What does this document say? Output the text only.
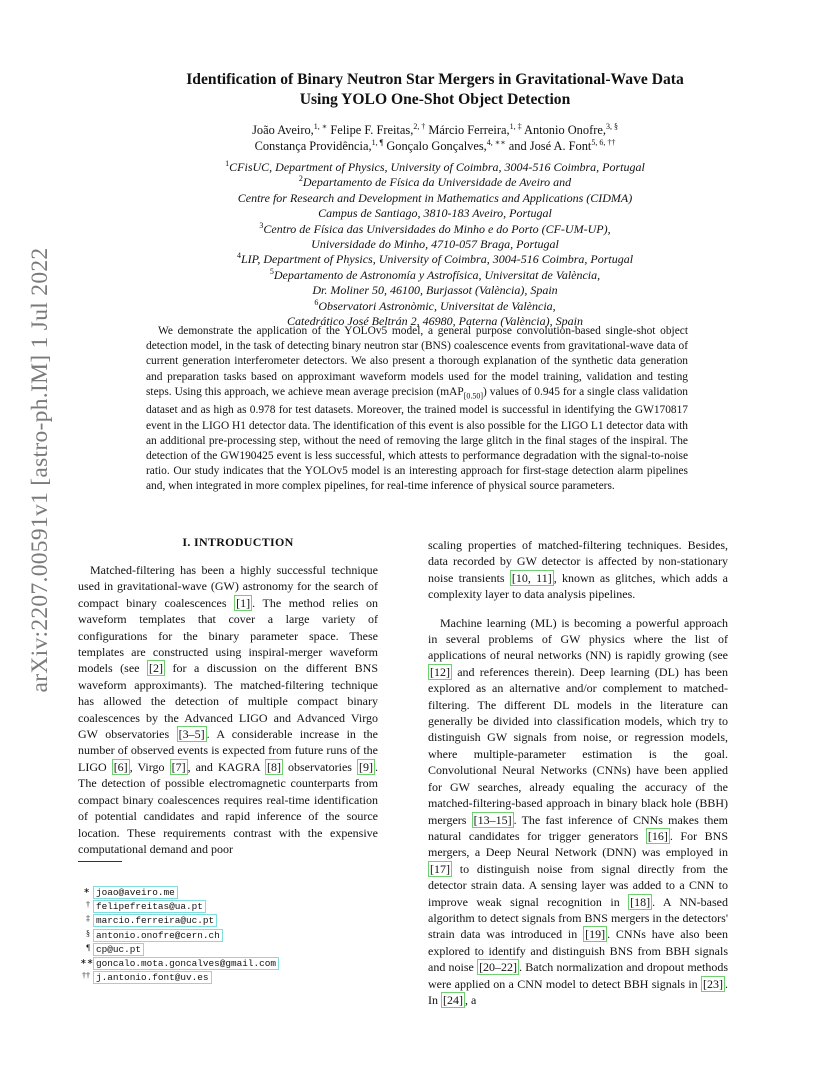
arXiv:2207.00591v1 [astro-ph.IM] 1 Jul 2022
Identification of Binary Neutron Star Mergers in Gravitational-Wave Data
Using YOLO One-Shot Object Detection
João Aveiro,$^{1, ∗}$ Felipe F. Freitas,$^{2, \dagger}$ Márcio Ferreira,$^{1, \ddagger}$ Antonio Onofre,$^{3, \S}$
Constança Providência,$^{1, \P}$ Gonçalo Gonçalves,$^{4, ∗∗}$ and José A. Font$^{5, 6, \dagger\dagger}$
$^1$CFisUC, Department of Physics, University of Coimbra, 3004-516 Coimbra, Portugal
$^2$Departamento de Física da Universidade de Aveiro and
Centre for Research and Development in Mathematics and Applications (CIDMA)
Campus de Santiago, 3810-183 Aveiro, Portugal
$^3$Centro de Física das Universidades do Minho e do Porto (CF-UM-UP),
Universidade do Minho, 4710-057 Braga, Portugal
$^4$LIP, Department of Physics, University of Coimbra, 3004-516 Coimbra, Portugal
$^5$Departamento de Astronomía y Astrofísica, Universitat de València,
Dr. Moliner 50, 46100, Burjassot (València), Spain
$^6$Observatori Astronòmic, Universitat de València,
Catedrático José Beltrán 2, 46980, Paterna (València), Spain
We demonstrate the application of the YOLOv5 model, a general purpose convolution-based single-shot object detection model, in the task of detecting binary neutron star (BNS) coalescence events from gravitational-wave data of current generation interferometer detectors. We also present a thorough explanation of the synthetic data generation and preparation tasks based on approximant waveform models used for the model training, validation and testing steps. Using this approach, we achieve mean average precision (mAP$_{[0.50]}$) values of 0.945 for a single class validation dataset and as high as 0.978 for test datasets. Moreover, the trained model is successful in identifying the GW170817 event in the LIGO H1 detector data. The identification of this event is also possible for the LIGO L1 detector data with an additional pre-processing step, without the need of removing the large glitch in the final stages of the inspiral. The detection of the GW190425 event is less successful, which attests to performance degradation with the signal-to-noise ratio. Our study indicates that the YOLOv5 model is an interesting approach for first-stage detection alarm pipelines and, when integrated in more complex pipelines, for real-time inference of physical source parameters.
I. INTRODUCTION

Matched-filtering has been a highly successful technique used in gravitational-wave (GW) astronomy for the search of compact binary coalescences [1] . The method relies on waveform templates that cover a large variety of configurations for the binary parameter space. These templates are constructed using inspiral-merger waveform models (see [2] for a discussion on the different BNS waveform approximants). The matched-filtering technique has allowed the detection of multiple compact binary coalescences by the Advanced LIGO and Advanced Virgo GW observatories [3–5] . A considerable increase in the number of observed events is expected from future runs of the LIGO [6] , Virgo [7] , and KAGRA [8] observatories [9] . The detection of possible electromagnetic counterparts from compact binary coalescences requires real-time identification of potential candidates and rapid inference of the source location. These requirements contrast with the expensive computational demand and poor

scaling properties of matched-filtering techniques. Besides, data recorded by GW detector is affected by non-stationary noise transients [10, 11] , known as glitches, which adds a complexity layer to data analysis pipelines.

Machine learning (ML) is becoming a powerful approach in several problems of GW physics where the list of applications of neural networks (NN) is rapidly growing (see [12] and references therein). Deep learning (DL) has been explored as an alternative and/or complement to matched-filtering. The different DL models in the literature can generally be divided into classification models, which try to distinguish GW signals from noise, or regression models, where multiple-parameter estimation is the goal. Convolutional Neural Networks (CNNs) have been applied for GW searches, already equaling the accuracy of the matched-filtering-based approach in binary black hole (BBH) mergers [13–15] . The fast inference of CNNs makes them natural candidates for trigger generators [16] . For BNS mergers, a Deep Neural Network (DNN) was employed in [17] to distinguish noise from signal directly from the detector strain data. A sensing layer was added to a CNN to improve weak signal recognition in [18] . A NN-based algorithm to detect signals from BNS mergers in the detectors' strain data was introduced in [19] . CNNs have also been explored to identify and distinguish BNS from BBH signals and noise [20–22] . Batch normalization and dropout methods were applied on a CNN model to detect BBH signals in [23] . In [24] , a

∗ joao@aveiro.me
† felipefreitas@ua.pt
‡ marcio.ferreira@uc.pt
§ antonio.onofre@cern.ch
¶ cp@uc.pt
∗∗ goncalo.mota.goncalves@gmail.com
†† j.antonio.font@uv.es
